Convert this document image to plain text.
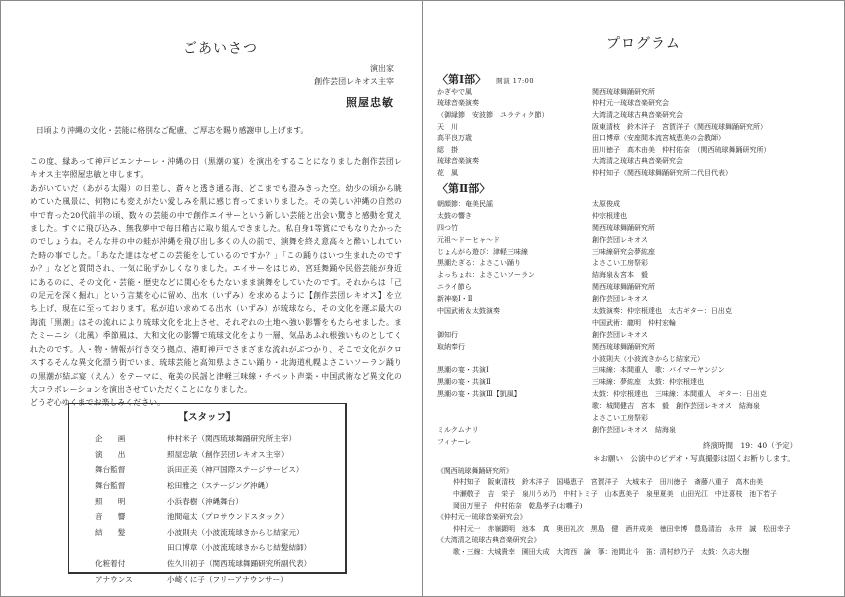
ごあいさつ
演出家
創作芸団レキオス主宰
照屋忠敏
日頃より沖縄の文化・芸能に格別なご配慮、ご厚志を賜り感謝申し上げます。

この度、縁あって神戸ビエンナーレ・沖縄の日（黒潮の宴）を演出をすることになりました創作芸団レキオス主宰照屋忠敏と申します。

あがいていだ（あがる太陽）の日差し、蒼々と透き通る海、どこまでも澄みきった空。幼少の頃から眺めていた風景に、何物にも変えがたい愛しみを肌に感じ育ってまいりました。その美しい沖縄の自然の中で育った20代前半の頃、数々の芸能の中で創作エイサーという新しい芸能と出会い驚きと感動を覚えました。すぐに飛び込み、無我夢中で毎日稽古に取り組んできました。私自身1等賞にでもなりたかったのでしょうね。そんな井の中の蛙が沖縄を飛び出し多くの人の前で、演舞を終え意高々と酔いしれていた時の事でした。「あなた達はなぜこの芸能をしているのですか？」「この踊りはいつ生まれたのですか？」などと質問され、一気に恥ずかしくなりました。エイサーをはじめ、宮廷舞踊や民俗芸能が身近にあるのに、その文化・芸能・歴史などに関心をもたないまま演舞をしていたのです。それからは「己の足元を深く掘れ」という言葉を心に留め、出水（いずみ）を求めるように【創作芸団レキオス】を立ち上げ、現在に至っております。私が追い求めてる出水（いずみ）が琉球なら、その文化を運ぶ最大の海流「黒潮」はその流れにより琉球文化を北上させ、それぞれの土地へ強い影響をもたらせました。またミーニシ（北風）季節風は、大和文化の影響で琉球文化をより一層、気品あふれ根強いものとしてくれたのです。人・物・情報が行き交う拠点、港町神戸でさまざまな流れがぶつかり、そこで文化がクロスするそんな異文化漂う街でいま、琉球芸能と高知県よさこい踊り・北海道札幌よさこいソーラン踊りの黒潮が結ぶ宴（えん）をテーマに、奄美の民謡と津軽三味線・チベット声楽・中国武術など異文化の大コラボレーションを演出させていただくことになりました。

どうぞ心ゆくまでお楽しみください。

【スタッフ】
企　　画	仲村米子（関西琉球舞踊研究所主宰）
演　　出	照屋忠敏（創作芸団レキオス主宰）
舞台監督	浜田正美（神戸国際ステージサービス）
舞台監督	松田雅之（ステージング沖縄）
照　　明	小浜春樹（沖縄舞台）
音　　響	池間竜太（プロサウンドスタック）
結　　髪	小波則夫（小波流琉球きからじ結家元）
田口博章（小波流琉球きからじ結髪結師）
化粧着付	佐久川初子（関西琉球舞踊研究所副代表）
アナウンス	小崎くに子（フリーアナウンサー）
プログラム
〈第Ⅰ部〉 開演 17:00
かぎやで風	関西琉球舞踊研究所
琉球音楽演奏	仲村元一琉球音楽研究会
（御縁節　安波節　ユラティク節）	大湾清之琉球古典音楽研究会
天　川	阪東清枝　鈴木洋子　宮賀洋子（関西琉球舞踊研究所）
高平良万歳	田口博章（安座間本流宮城恵美の会教師）
綛　掛	田川徳子　高木由美　仲村佑奈　（関西琉球舞踊研究所）
琉球音楽演奏	大湾清之琉球古典音楽研究会
花　風	仲村知子（関西琉球舞踊研究所二代目代表）
〈第Ⅱ部〉
朝顔節：奄美民謡	太原俊成
太鼓の響き	仲宗根達也
四つ竹	関西琉球舞踊研究所
元祖～ドーヒャ～ド	創作芸団レキオス
じょんがら遊び：津軽三味線	三味線研究会夢紘座
黒潮たぎる：よさこい踊り	よさこい工房祭彩
よっちょれ：よさこいソーラン	結海泉＆宮本　毅
ニライ節ら	関西琉球舞踊研究所
新神楽Ⅰ・Ⅱ	創作芸団レキオス
中国武術＆太鼓演奏	太鼓演奏：仲宗根達也　太古ギター：日出克
中国武術：龍明　仲村宏輪
御知行	創作芸団レキオス
取納奉行	関西琉球舞踊研究所
小波則夫（小波流きからじ結家元）
黒潮の宴・共演Ⅰ	三味線：本間重人　歌：バイマーヤンジン
黒潮の宴・共演Ⅱ	三味線：夢紘座　太鼓：仲宗根達也
黒潮の宴・共演Ⅲ【凱風】	太鼓：仲宗根達也　三味線：本間重人　ギター：日出克
歌：城間健吉　宮本　毅　創作芸団レキオス　結海泉
よさこい工房祭彩
ミルクムナリ	創作芸団レキオス　結海泉
フィナーレ	終演時間　19：40（予定）
＊お願い　公演中のビデオ・写真撮影は固くお断りします。
《関西琉球舞踊研究所》
仲村知子　阪東清枝　鈴木洋子　国場恵子　宮賀洋子　大城末子　田川徳子　斎藤八重子　高木由美
中瀬敬子　吉　栄子　泉川うめ乃　中村トミ子　山本恵美子　泉里夏美　山田光江　中辻喜枝　池下若子
岡田万里子　仲村佑奈　乾島孝子(お囃子)
《仲村元一琉球音楽研究会》
仲村元一　赤嶺顕明　池本　真　奥田礼次　黒島　健　酒井成美　徳田幸博　豊島清治　永井　誠　松田幸子
《大湾清之琉球古典音楽研究会》
歌・三線：大城貴幸　園田大成　大湾西　論　箏：池間北斗　笛：清村紗乃子　太鼓：久志大樹
